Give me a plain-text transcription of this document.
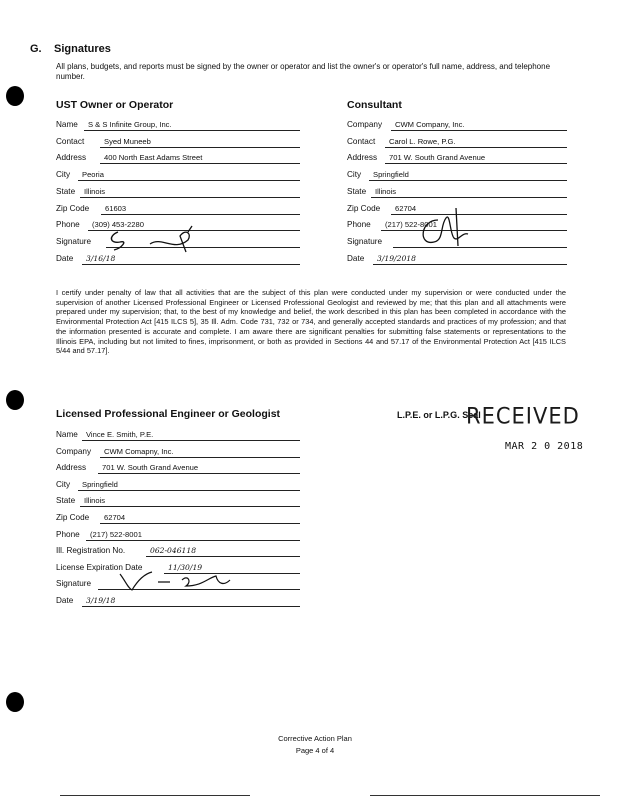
G. Signatures
All plans, budgets, and reports must be signed by the owner or operator and list the owner's or operator's full name, address, and telephone number.
UST Owner or Operator
Name S & S Infinite Group, Inc.
Contact	Syed Muneeb
Address 400 North East Adams Street
City Peoria
State Illinois
Zip Code 61603
Phone (309) 453-2280
Signature
Date 3/16/18
Consultant
Company CWM Company, Inc.
Contact Carol L. Rowe, P.G.
Address 701 W. South Grand Avenue
City Springfield
State Illinois
Zip Code 62704
Phone (217) 522-8001
Signature
Date 3/19/2018
I certify under penalty of law that all activities that are the subject of this plan were conducted under my supervision or were conducted under the supervision of another Licensed Professional Engineer or Licensed Professional Geologist and reviewed by me; that this plan and all attachments were prepared under my supervision; that, to the best of my knowledge and belief, the work described in this plan has been completed in accordance with the Environmental Protection Act [415 ILCS 5], 35 Ill. Adm. Code 731, 732 or 734, and generally accepted standards and practices of my profession; and that the information presented is accurate and complete. I am aware there are significant penalties for submitting false statements or representations to the Illinois EPA, including but not limited to fines, imprisonment, or both as provided in Sections 44 and 57.17 of the Environmental Protection Act [415 ILCS 5/44 and 57.17].
Licensed Professional Engineer or Geologist
Name Vince E. Smith, P.E.
Company CWM Comapny, Inc.
Address 701 W. South Grand Avenue
City Springfield
State Illinois
Zip Code 62704
Phone (217) 522-8001
Ill. Registration No.	062-046118
License Expiration Date	11/30/19
Signature
Date 3/19/18
L.P.E. or L.P.G. Seal
RECEIVED
MAR 2 0 2018
Corrective Action Plan
Page 4 of 4
